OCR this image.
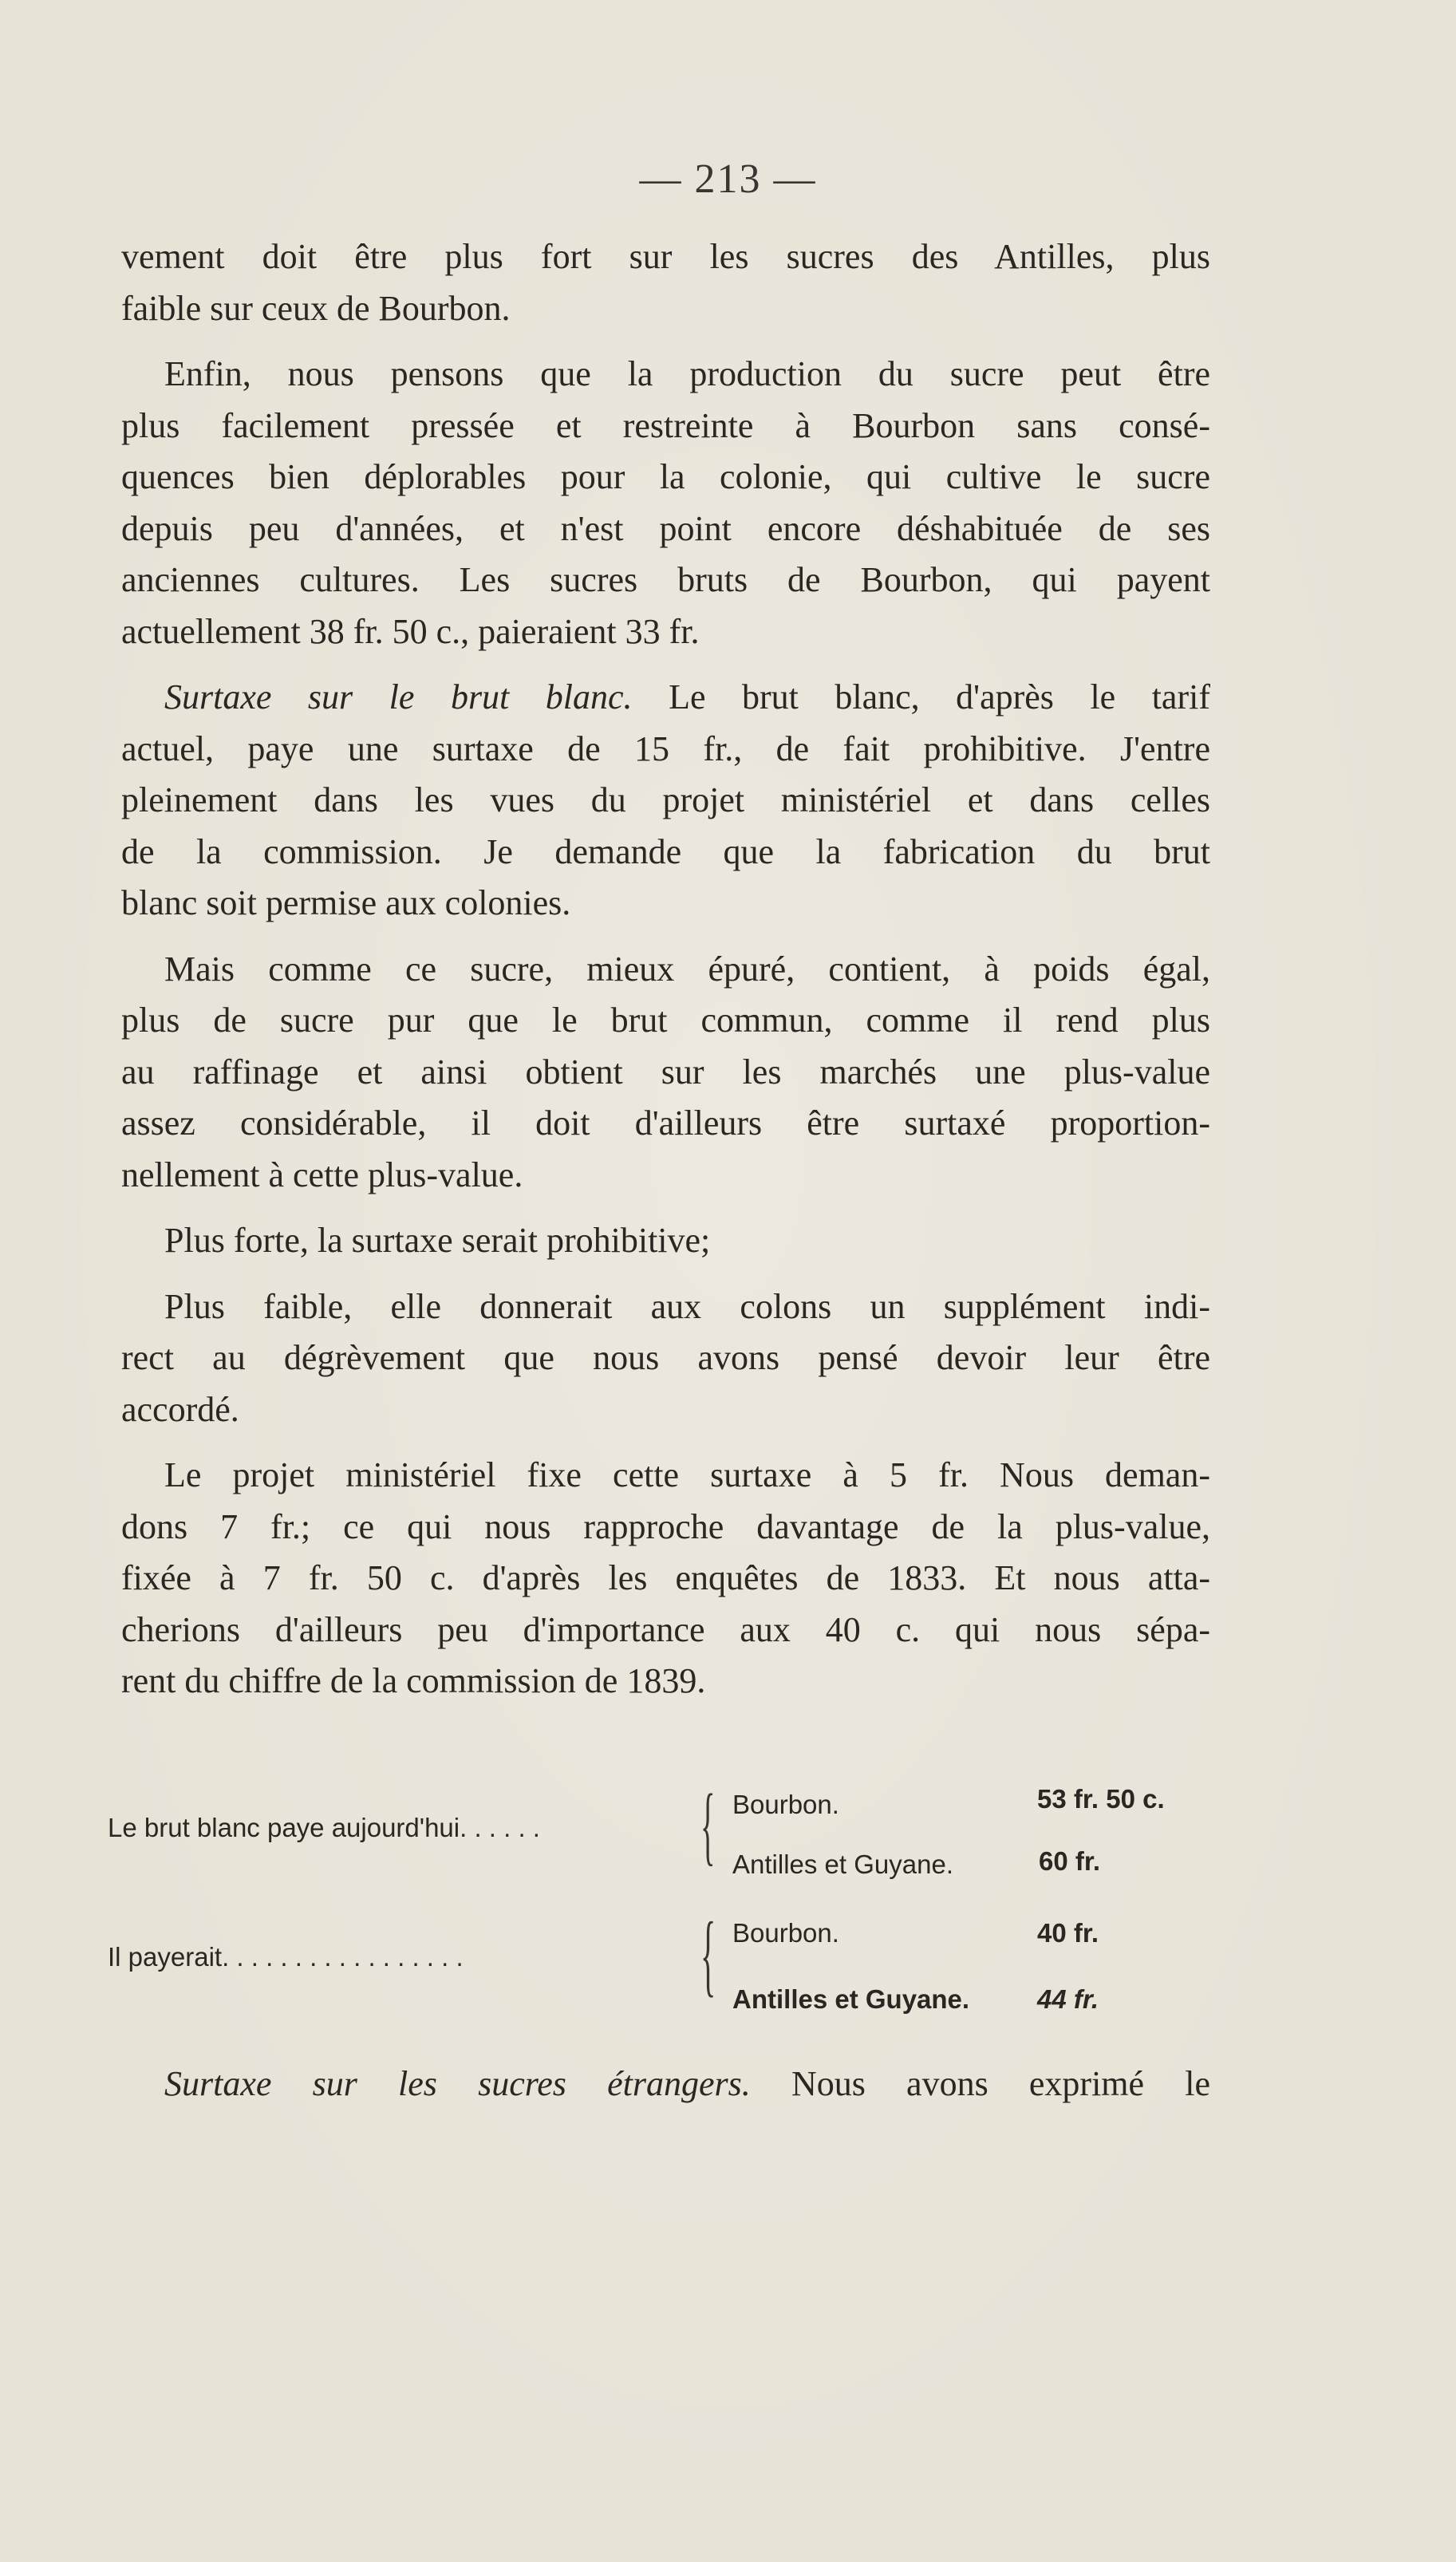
— 213 —

vement doit être plus fort sur les sucres des Antilles, plus
faible sur ceux de Bourbon.

Enfin, nous pensons que la production du sucre peut être
plus facilement pressée et restreinte à Bourbon sans consé-
quences bien déplorables pour la colonie, qui cultive le sucre
depuis peu d'années, et n'est point encore déshabituée de ses
anciennes cultures. Les sucres bruts de Bourbon, qui payent
actuellement 38 fr. 50 c., paieraient 33 fr.

Surtaxe sur le brut blanc. Le brut blanc, d'après le tarif
actuel, paye une surtaxe de 15 fr., de fait prohibitive. J'entre
pleinement dans les vues du projet ministériel et dans celles
de la commission. Je demande que la fabrication du brut
blanc soit permise aux colonies.

Mais comme ce sucre, mieux épuré, contient, à poids égal,
plus de sucre pur que le brut commun, comme il rend plus
au raffinage et ainsi obtient sur les marchés une plus-value
assez considérable, il doit d'ailleurs être surtaxé proportion-
nellement à cette plus-value.

Plus forte, la surtaxe serait prohibitive;

Plus faible, elle donnerait aux colons un supplément indi-
rect au dégrèvement que nous avons pensé devoir leur être
accordé.

Le projet ministériel fixe cette surtaxe à 5 fr. Nous deman-
dons 7 fr.; ce qui nous rapproche davantage de la plus-value,
fixée à 7 fr. 50 c. d'après les enquêtes de 1833. Et nous atta-
cherions d'ailleurs peu d'importance aux 40 c. qui nous sépa-
rent du chiffre de la commission de 1839.

Le brut blanc paye aujourd'hui. . . . . . { Bourbon.	53 fr. 50 c.
Antilles et Guyane.	60 fr.
Il payerait. . . . . . . . . . . . . . . . .	{ Bourbon.	40 fr.
Antilles et Guyane.	44 fr.
Surtaxe sur les sucres étrangers. Nous avons exprimé le
